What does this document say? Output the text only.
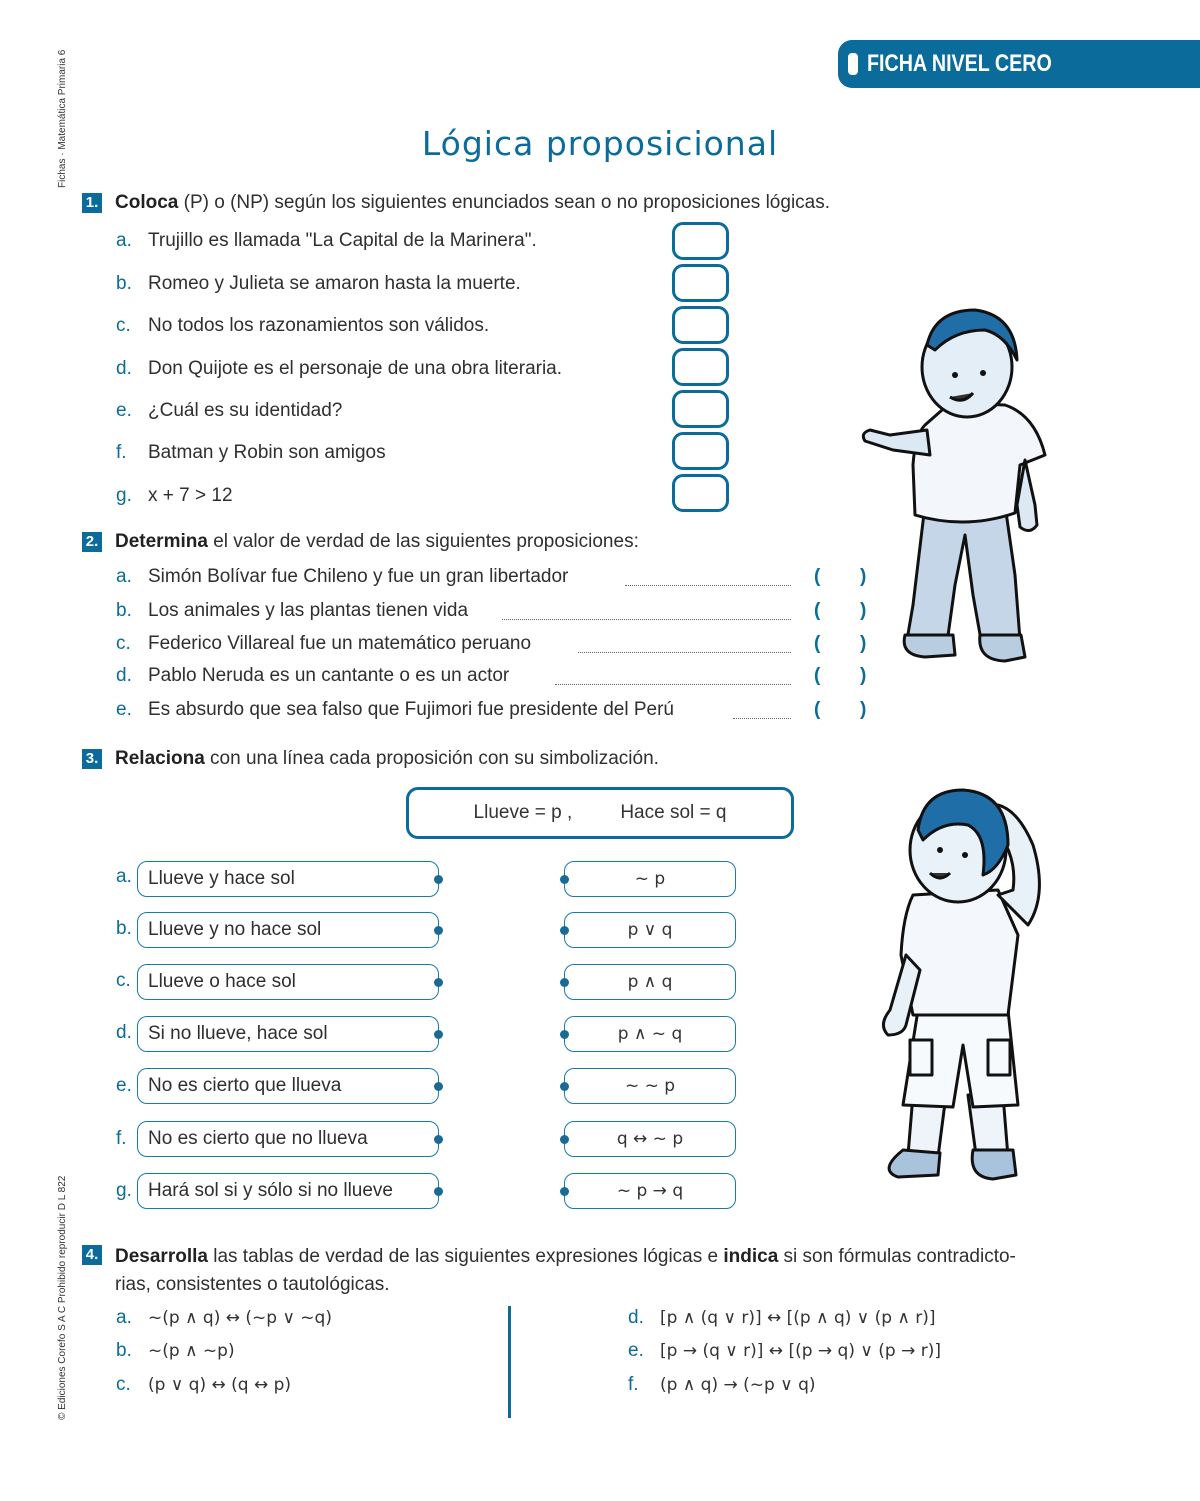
FICHA NIVEL CERO
Fichas · Matemática Primaria 6
© Ediciones Corefo S A C Prohibido reproducir D L 822
Lógica proposicional
1. Coloca (P) o (NP) según los siguientes enunciados sean o no proposiciones lógicas.
a. Trujillo es llamada "La Capital de la Marinera".
b. Romeo y Julieta se amaron hasta la muerte.
c. No todos los razonamientos son válidos.
d. Don Quijote es el personaje de una obra literaria.
e. ¿Cuál es su identidad?
f. Batman y Robin son amigos
g. x + 7 > 12
2. Determina el valor de verdad de las siguientes proposiciones:
a. Simón Bolívar fue Chileno y fue un gran libertador
b. Los animales y las plantas tienen vida
c. Federico Villareal fue un matemático peruano
d. Pablo Neruda es un cantante o es un actor
e. Es absurdo que sea falso que Fujimori fue presidente del Perú
( )
( )
( )
( )
( )
3. Relaciona con una línea cada proposición con su simbolización.
Llueve = p ,	Hace sol = q
a. Llueve y hace sol
b. Llueve y no hace sol
c. Llueve o hace sol
d. Si no llueve, hace sol
e. No es cierto que llueva
f. No es cierto que no llueva
g. Hará sol si y sólo si no llueve
~ p
p ∨ q
p ∧ q
p ∧ ~ q
~ ~ p
q ↔ ~ p
~ p → q
4. Desarrolla las tablas de verdad de las siguientes expresiones lógicas e indica si son fórmulas contradicto-
rias, consistentes o tautológicas.
a. ~(p ∧ q) ↔ (~p ∨ ~q)
b. ~(p ∧ ~p)
c. (p ∨ q) ↔ (q ↔ p)
d. [p ∧ (q ∨ r)] ↔ [(p ∧ q) ∨ (p ∧ r)]
e. [p → (q ∨ r)] ↔ [(p → q) ∨ (p → r)]
f. (p ∧ q) → (~p ∨ q)
